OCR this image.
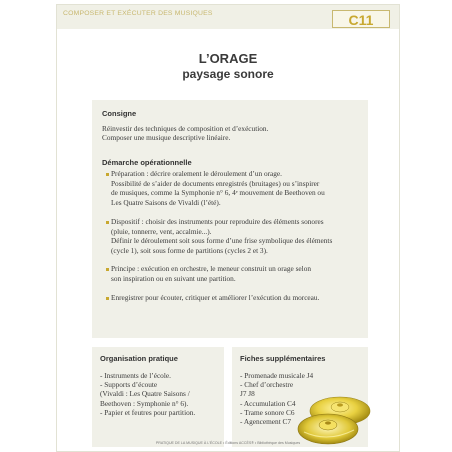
COMPOSER ET EXÉCUTER DES MUSIQUES	C11
L’ORAGE
paysage sonore
Consigne
Réinvestir des techniques de composition et d’exécution.
Composer une musique descriptive linéaire.
Démarche opérationnelle
Préparation : décrire oralement le déroulement d’un orage.
Possibilité de s’aider de documents enregistrés (bruitages) ou s’inspirer
de musiques, comme la Symphonie n° 6, 4ᵉ mouvement de Beethoven ou
Les Quatre Saisons de Vivaldi (l’été).
Dispositif : choisir des instruments pour reproduire des éléments sonores
(pluie, tonnerre, vent, accalmie...).
Définir le déroulement soit sous forme d’une frise symbolique des éléments
(cycle 1), soit sous forme de partitions (cycles 2 et 3).
Principe : exécution en orchestre, le meneur construit un orage selon
son inspiration ou en suivant une partition.
Enregistrer pour écouter, critiquer et améliorer l’exécution du morceau.
Organisation pratique
- Instruments de l’école.
- Supports d’écoute
(Vivaldi : Les Quatre Saisons /
Beethoven : Symphonie n° 6).
- Papier et feutres pour partition.
Fiches supplémentaires
- Promenade musicale J4
- Chef d’orchestre
J7 J8
- Accumulation C4
- Trame sonore C6
- Agencement C7
PRATIQUE DE LA MUSIQUE À L’ÉCOLE • Éditions ACCÈS® • Bibliothèque des Musiques
